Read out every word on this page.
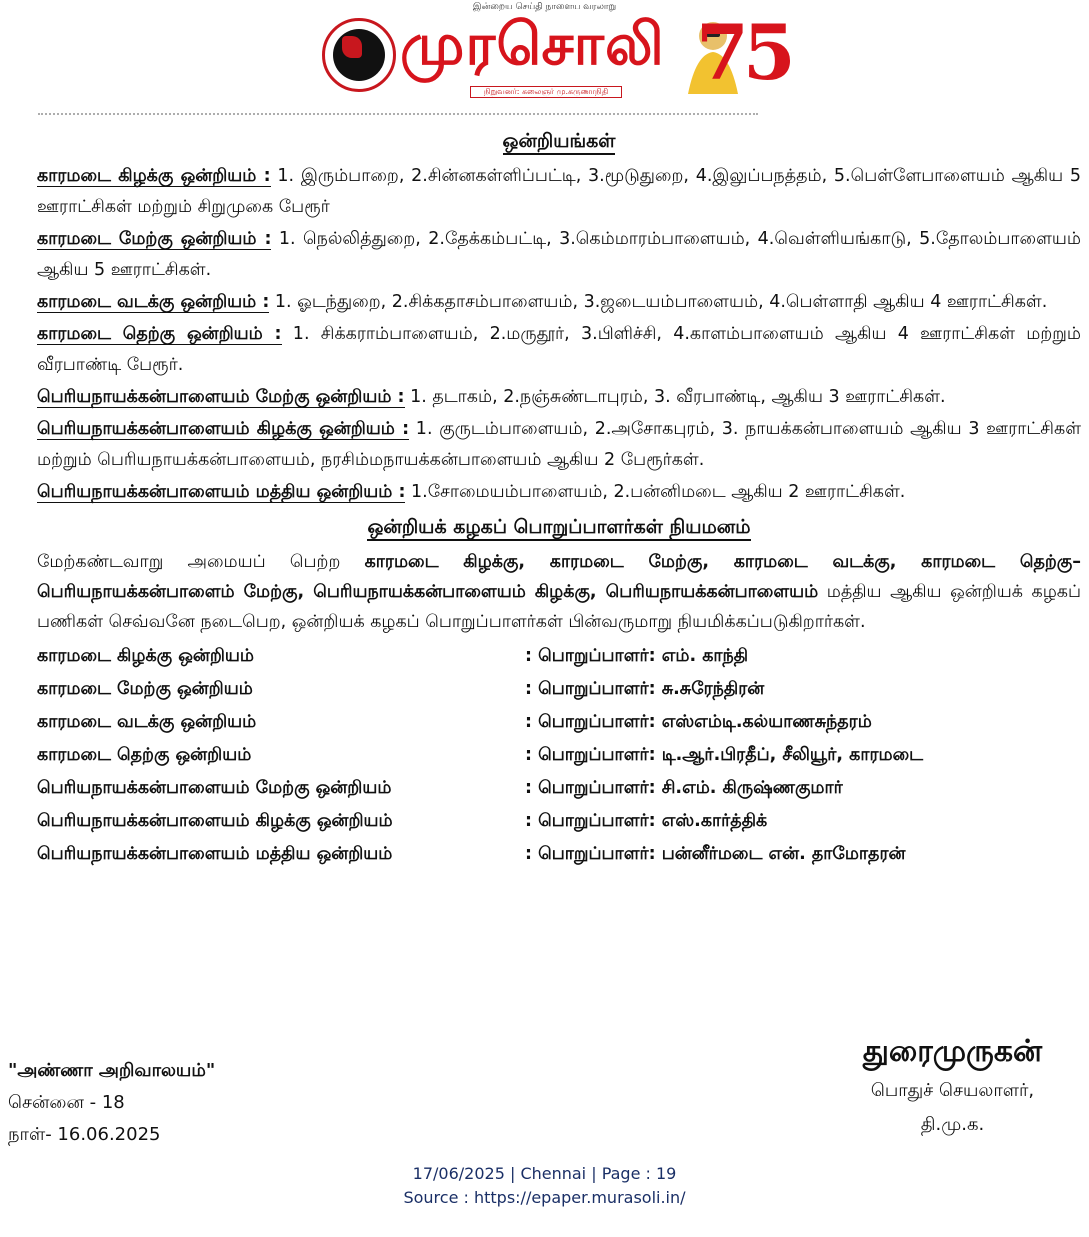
இன்றைய செய்தி நாளைய வரலாறு
முரசொலி
நிறுவனர்: கலைஞர் மு.கருணாநிதி 75
ஒன்றியங்கள்
காரமடை கிழக்கு ஒன்றியம் : 1. இரும்பாறை, 2.சின்னகள்ளிப்பட்டி, 3.மூடுதுறை, 4.இலுப்பநத்தம், 5.பெள்ளேபாளையம் ஆகிய 5 ஊராட்சிகள் மற்றும் சிறுமுகை பேரூர்
காரமடை மேற்கு ஒன்றியம் : 1. நெல்லித்துறை, 2.தேக்கம்பட்டி, 3.கெம்மாரம்பாளையம், 4.வெள்ளியங்காடு, 5.தோலம்பாளையம் ஆகிய 5 ஊராட்சிகள்.
காரமடை வடக்கு ஒன்றியம் : 1. ஓடந்துறை, 2.சிக்கதாசம்பாளையம், 3.ஜடையம்பாளையம், 4.பெள்ளாதி ஆகிய 4 ஊராட்சிகள்.
காரமடை தெற்கு ஒன்றியம் : 1. சிக்கராம்பாளையம், 2.மருதூர், 3.பிளிச்சி, 4.காளம்பாளையம் ஆகிய 4 ஊராட்சிகள் மற்றும் வீரபாண்டி பேரூர்.
பெரியநாயக்கன்பாளையம் மேற்கு ஒன்றியம் : 1. தடாகம், 2.நஞ்சுண்டாபுரம், 3. வீரபாண்டி, ஆகிய 3 ஊராட்சிகள்.
பெரியநாயக்கன்பாளையம் கிழக்கு ஒன்றியம் : 1. குருடம்பாளையம், 2.அசோகபுரம், 3. நாயக்கன்பாளையம் ஆகிய 3 ஊராட்சிகள் மற்றும் பெரியநாயக்கன்பாளையம், நரசிம்மநாயக்கன்பாளையம் ஆகிய 2 பேரூர்கள்.
பெரியநாயக்கன்பாளையம் மத்திய ஒன்றியம் : 1.சோமையம்பாளையம், 2.பன்னிமடை ஆகிய 2 ஊராட்சிகள்.
ஒன்றியக் கழகப் பொறுப்பாளர்கள் நியமனம்
மேற்கண்டவாறு அமையப் பெற்ற காரமடை கிழக்கு, காரமடை மேற்கு, காரமடை வடக்கு, காரமடை தெற்கு– பெரியநாயக்கன்பாளைம் மேற்கு, பெரியநாயக்கன்பாளையம் கிழக்கு, பெரியநாயக்கன்பாளையம் மத்திய ஆகிய ஒன்றியக் கழகப் பணிகள் செவ்வனே நடைபெற, ஒன்றியக் கழகப் பொறுப்பாளர்கள் பின்வருமாறு நியமிக்கப்படுகிறார்கள்.
காரமடை கிழக்கு ஒன்றியம்	: பொறுப்பாளர்: எம். காந்தி
காரமடை மேற்கு ஒன்றியம்	: பொறுப்பாளர்: சு.சுரேந்திரன்
காரமடை வடக்கு ஒன்றியம்	: பொறுப்பாளர்: எஸ்எம்டி.கல்யாணசுந்தரம்
காரமடை தெற்கு ஒன்றியம்	: பொறுப்பாளர்: டி.ஆர்.பிரதீப், சீலியூர், காரமடை
பெரியநாயக்கன்பாளையம் மேற்கு ஒன்றியம்	: பொறுப்பாளர்: சி.எம். கிருஷ்ணகுமார்
பெரியநாயக்கன்பாளையம் கிழக்கு ஒன்றியம்	: பொறுப்பாளர்: எஸ்.கார்த்திக்
பெரியநாயக்கன்பாளையம் மத்திய ஒன்றியம்	: பொறுப்பாளர்: பன்னீர்மடை என். தாமோதரன்
"அண்ணா அறிவாலயம்"
சென்னை - 18
நாள்- 16.06.2025
துரைமுருகன்
பொதுச் செயலாளர்,
தி.மு.க.
17/06/2025 | Chennai | Page : 19
Source : https://epaper.murasoli.in/
